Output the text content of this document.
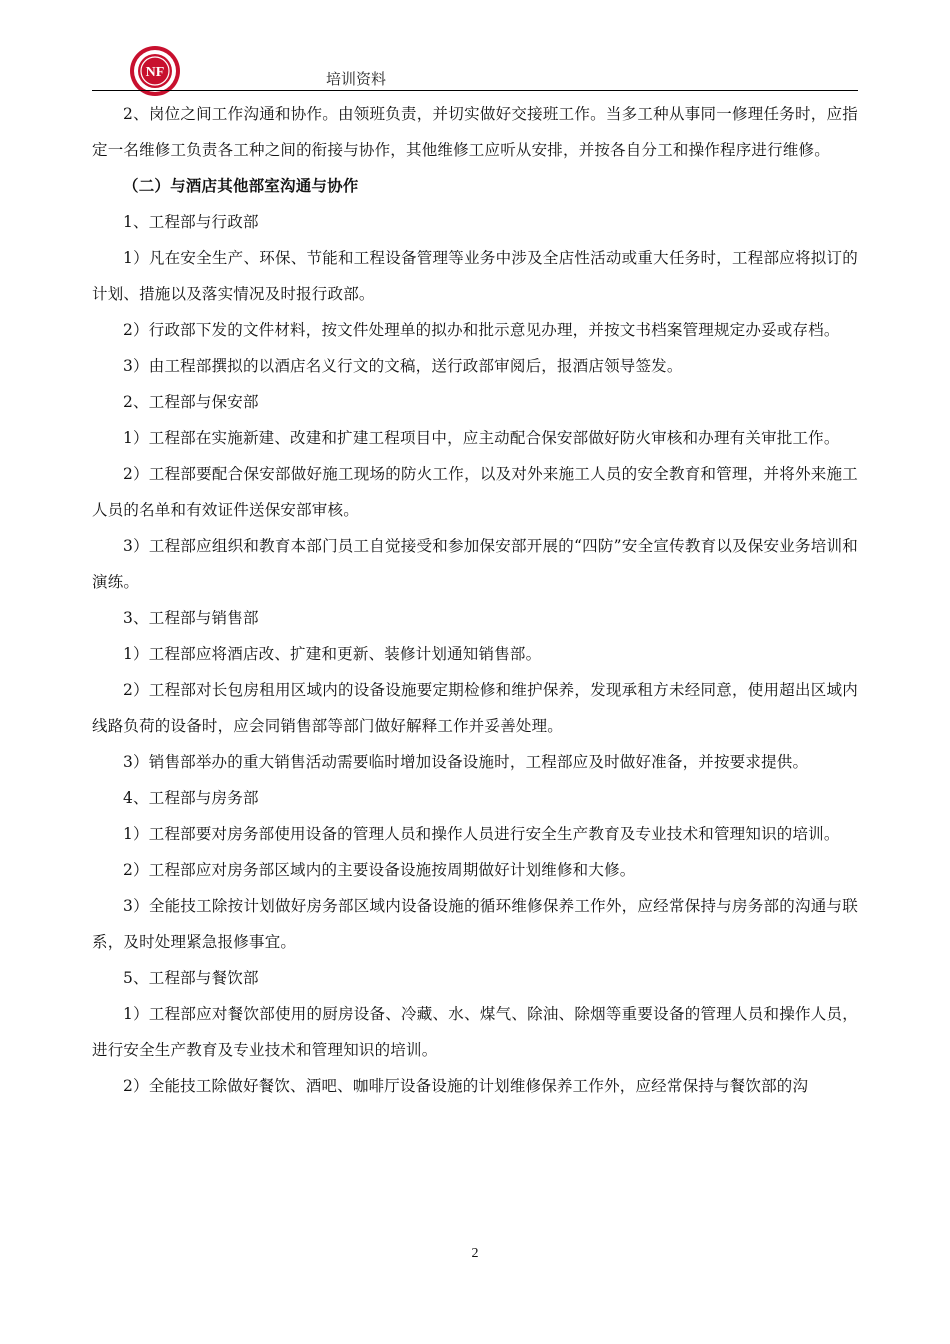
NF	培训资料

2、岗位之间工作沟通和协作。由领班负责，并切实做好交接班工作。当多工种从事同一修理任务时，应指定一名维修工负责各工种之间的衔接与协作，其他维修工应听从安排，并按各自分工和操作程序进行维修。

（二）与酒店其他部室沟通与协作

1、工程部与行政部

1）凡在安全生产、环保、节能和工程设备管理等业务中涉及全店性活动或重大任务时，工程部应将拟订的计划、措施以及落实情况及时报行政部。

2）行政部下发的文件材料，按文件处理单的拟办和批示意见办理，并按文书档案管理规定办妥或存档。

3）由工程部撰拟的以酒店名义行文的文稿，送行政部审阅后，报酒店领导签发。

2、工程部与保安部

1）工程部在实施新建、改建和扩建工程项目中，应主动配合保安部做好防火审核和办理有关审批工作。

2）工程部要配合保安部做好施工现场的防火工作，以及对外来施工人员的安全教育和管理，并将外来施工人员的名单和有效证件送保安部审核。

3）工程部应组织和教育本部门员工自觉接受和参加保安部开展的“四防”安全宣传教育以及保安业务培训和演练。

3、工程部与销售部

1）工程部应将酒店改、扩建和更新、装修计划通知销售部。

2）工程部对长包房租用区域内的设备设施要定期检修和维护保养，发现承租方未经同意，使用超出区域内线路负荷的设备时，应会同销售部等部门做好解释工作并妥善处理。

3）销售部举办的重大销售活动需要临时增加设备设施时，工程部应及时做好准备，并按要求提供。

4、工程部与房务部

1）工程部要对房务部使用设备的管理人员和操作人员进行安全生产教育及专业技术和管理知识的培训。

2）工程部应对房务部区域内的主要设备设施按周期做好计划维修和大修。

3）全能技工除按计划做好房务部区域内设备设施的循环维修保养工作外，应经常保持与房务部的沟通与联系，及时处理紧急报修事宜。

5、工程部与餐饮部

1）工程部应对餐饮部使用的厨房设备、冷藏、水、煤气、除油、除烟等重要设备的管理人员和操作人员，进行安全生产教育及专业技术和管理知识的培训。

2）全能技工除做好餐饮、酒吧、咖啡厅设备设施的计划维修保养工作外，应经常保持与餐饮部的沟

2
